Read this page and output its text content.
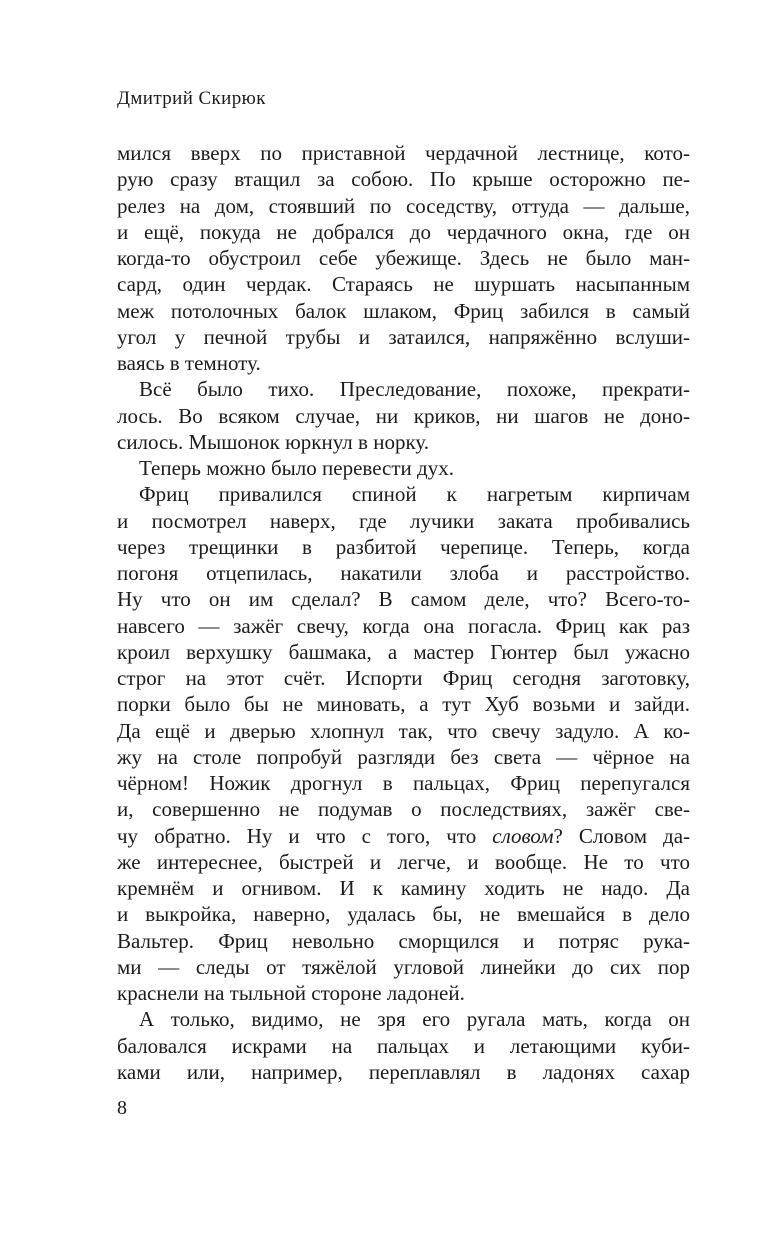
Дмитрий Скирюк
мился вверх по приставной чердачной лестнице, кото-
рую сразу втащил за собою. По крыше осторожно пе-
релез на дом, стоявший по соседству, оттуда — дальше,
и ещё, покуда не добрался до чердачного окна, где он
когда-то обустроил себе убежище. Здесь не было ман-
сард, один чердак. Стараясь не шуршать насыпанным
меж потолочных балок шлаком, Фриц забился в самый
угол у печной трубы и затаился, напряжённо вслуши-
ваясь в темноту.
Всё было тихо. Преследование, похоже, прекрати-
лось. Во всяком случае, ни криков, ни шагов не доно-
силось. Мышонок юркнул в норку.
Теперь можно было перевести дух.
Фриц привалился спиной к нагретым кирпичам
и посмотрел наверх, где лучики заката пробивались
через трещинки в разбитой черепице. Теперь, когда
погоня отцепилась, накатили злоба и расстройство.
Ну что он им сделал? В самом деле, что? Всего-то-
навсего — зажёг свечу, когда она погасла. Фриц как раз
кроил верхушку башмака, а мастер Гюнтер был ужасно
строг на этот счёт. Испорти Фриц сегодня заготовку,
порки было бы не миновать, а тут Хуб возьми и зайди.
Да ещё и дверью хлопнул так, что свечу задуло. А ко-
жу на столе попробуй разгляди без света — чёрное на
чёрном! Ножик дрогнул в пальцах, Фриц перепугался
и, совершенно не подумав о последствиях, зажёг све-
чу обратно. Ну и что с того, что словом? Словом да-
же интереснее, быстрей и легче, и вообще. Не то что
кремнём и огнивом. И к камину ходить не надо. Да
и выкройка, наверно, удалась бы, не вмешайся в дело
Вальтер. Фриц невольно сморщился и потряс рука-
ми — следы от тяжёлой угловой линейки до сих пор
краснели на тыльной стороне ладоней.
А только, видимо, не зря его ругала мать, когда он
баловался искрами на пальцах и летающими куби-
ками или, например, переплавлял в ладонях сахар
8
